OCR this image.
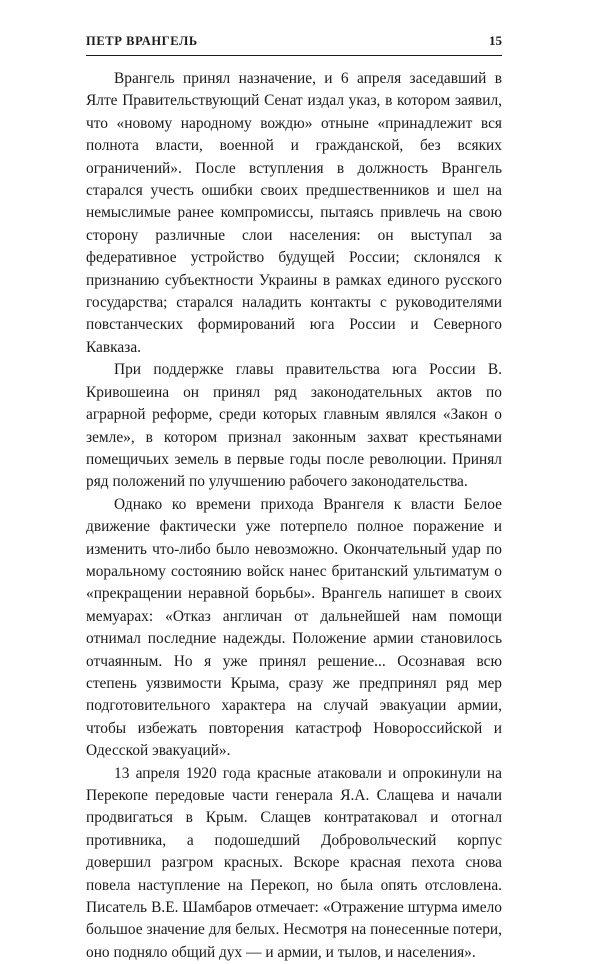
ПЕТР ВРАНГЕЛЬ	15

Врангель принял назначение, и 6 апреля заседавший в Ялте Правительствующий Сенат издал указ, в котором заявил, что «новому народному вождю» отныне «принадлежит вся полнота власти, военной и гражданской, без всяких ограничений». После вступления в должность Врангель старался учесть ошибки своих предшественников и шел на немыслимые ранее компромиссы, пытаясь привлечь на свою сторону различные слои населения: он выступал за федеративное устройство будущей России; склонялся к признанию субъектности Украины в рамках единого русского государства; старался наладить контакты с руководителями повстанческих формирований юга России и Северного Кавказа.

При поддержке главы правительства юга России В. Кривошеина он принял ряд законодательных актов по аграрной реформе, среди которых главным являлся «Закон о земле», в котором признал законным захват крестьянами помещичьих земель в первые годы после революции. Принял ряд положений по улучшению рабочего законодательства.

Однако ко времени прихода Врангеля к власти Белое движение фактически уже потерпело полное поражение и изменить что-либо было невозможно. Окончательный удар по моральному состоянию войск нанес британский ультиматум о «прекращении неравной борьбы». Врангель напишет в своих мемуарах: «Отказ англичан от дальнейшей нам помощи отнимал последние надежды. Положение армии становилось отчаянным. Но я уже принял решение... Осознавая всю степень уязвимости Крыма, сразу же предпринял ряд мер подготовительного характера на случай эвакуации армии, чтобы избежать повторения катастроф Новороссийской и Одесской эвакуаций».

13 апреля 1920 года красные атаковали и опрокинули на Перекопе передовые части генерала Я.А. Слащева и начали продвигаться в Крым. Слащев контратаковал и отогнал противника, а подошедший Добровольческий корпус довершил разгром красных. Вскоре красная пехота снова повела наступление на Перекоп, но была опять отсловлена. Писатель В.Е. Шамбаров отмечает: «Отражение штурма имело большое значение для белых. Несмотря на понесенные потери, оно подняло общий дух — и армии, и тылов, и населения».
